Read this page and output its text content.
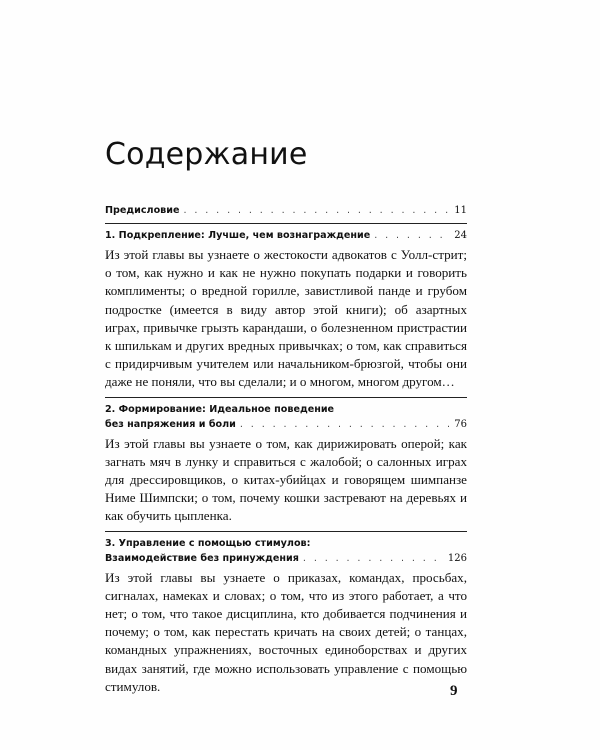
Содержание
Предисловие . . .	11
1. Подкрепление: Лучше, чем вознаграждение . . .	24

Из этой главы вы узнаете о жестокости адвокатов с Уолл-стрит; о том, как нужно и как не нужно покупать подарки и говорить комплименты; о вредной горилле, завистливой панде и грубом подростке (имеется в виду автор этой книги); об азартных играх, привычке грызть карандаши, о болезненном пристрастии к шпилькам и других вредных привычках; о том, как справиться с придирчивым учителем или начальником-брюзгой, чтобы они даже не поняли, что вы сделали; и о многом, многом другом…

2. Формирование: Идеальное поведение
без напряжения и боли . . .	76

Из этой главы вы узнаете о том, как дирижировать оперой; как загнать мяч в лунку и справиться с жалобой; о салонных играх для дрессировщиков, о китах-убийцах и говорящем шимпанзе Ниме Шимпски; о том, почему кошки застревают на деревьях и как обучить цыпленка.

3. Управление с помощью стимулов:
Взаимодействие без принуждения . . .	126

Из этой главы вы узнаете о приказах, командах, просьбах, сигналах, намеках и словах; о том, что из этого работает, а что нет; о том, что такое дисциплина, кто добивается подчинения и почему; о том, как перестать кричать на своих детей; о танцах, командных упражнениях, восточных единоборствах и других видах занятий, где можно использовать управление с помощью стимулов.	9
